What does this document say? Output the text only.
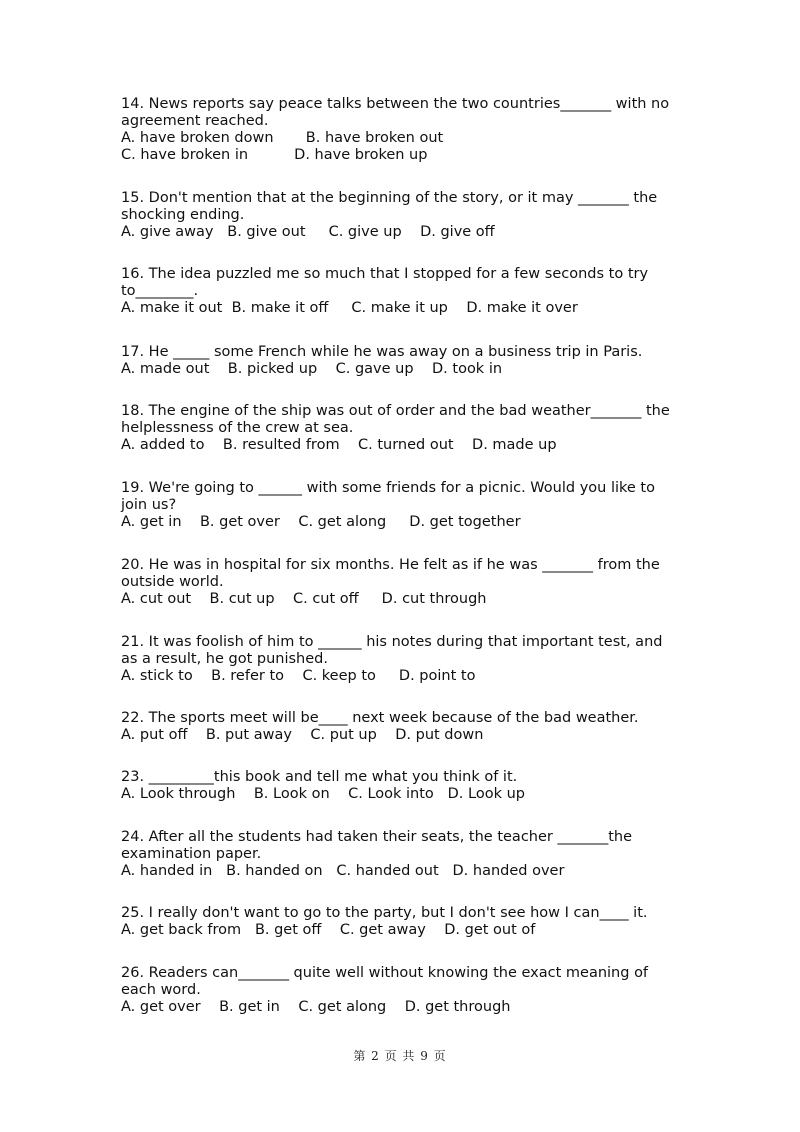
14. News reports say peace talks between the two countries_______ with no
agreement reached.
A. have broken down       B. have broken out
C. have broken in          D. have broken up
15. Don't mention that at the beginning of the story, or it may _______ the
shocking ending.
A. give away   B. give out     C. give up    D. give off
16. The idea puzzled me so much that I stopped for a few seconds to try
to________.
A. make it out  B. make it off     C. make it up    D. make it over
17. He _____ some French while he was away on a business trip in Paris.
A. made out    B. picked up    C. gave up    D. took in
18. The engine of the ship was out of order and the bad weather_______ the
helplessness of the crew at sea.
A. added to    B. resulted from    C. turned out    D. made up
19. We're going to ______ with some friends for a picnic. Would you like to
join us?
A. get in    B. get over    C. get along     D. get together
20. He was in hospital for six months. He felt as if he was _______ from the
outside world.
A. cut out    B. cut up    C. cut off     D. cut through
21. It was foolish of him to ______ his notes during that important test, and
as a result, he got punished.
A. stick to    B. refer to    C. keep to     D. point to
22. The sports meet will be____ next week because of the bad weather.
A. put off    B. put away    C. put up    D. put down
23. _________this book and tell me what you think of it.
A. Look through    B. Look on    C. Look into   D. Look up
24. After all the students had taken their seats, the teacher _______the
examination paper.
A. handed in   B. handed on   C. handed out   D. handed over
25. I really don't want to go to the party, but I don't see how I can____ it.
A. get back from   B. get off    C. get away    D. get out of
26. Readers can_______ quite well without knowing the exact meaning of
each word.
A. get over    B. get in    C. get along    D. get through
第 2 页 共 9 页
